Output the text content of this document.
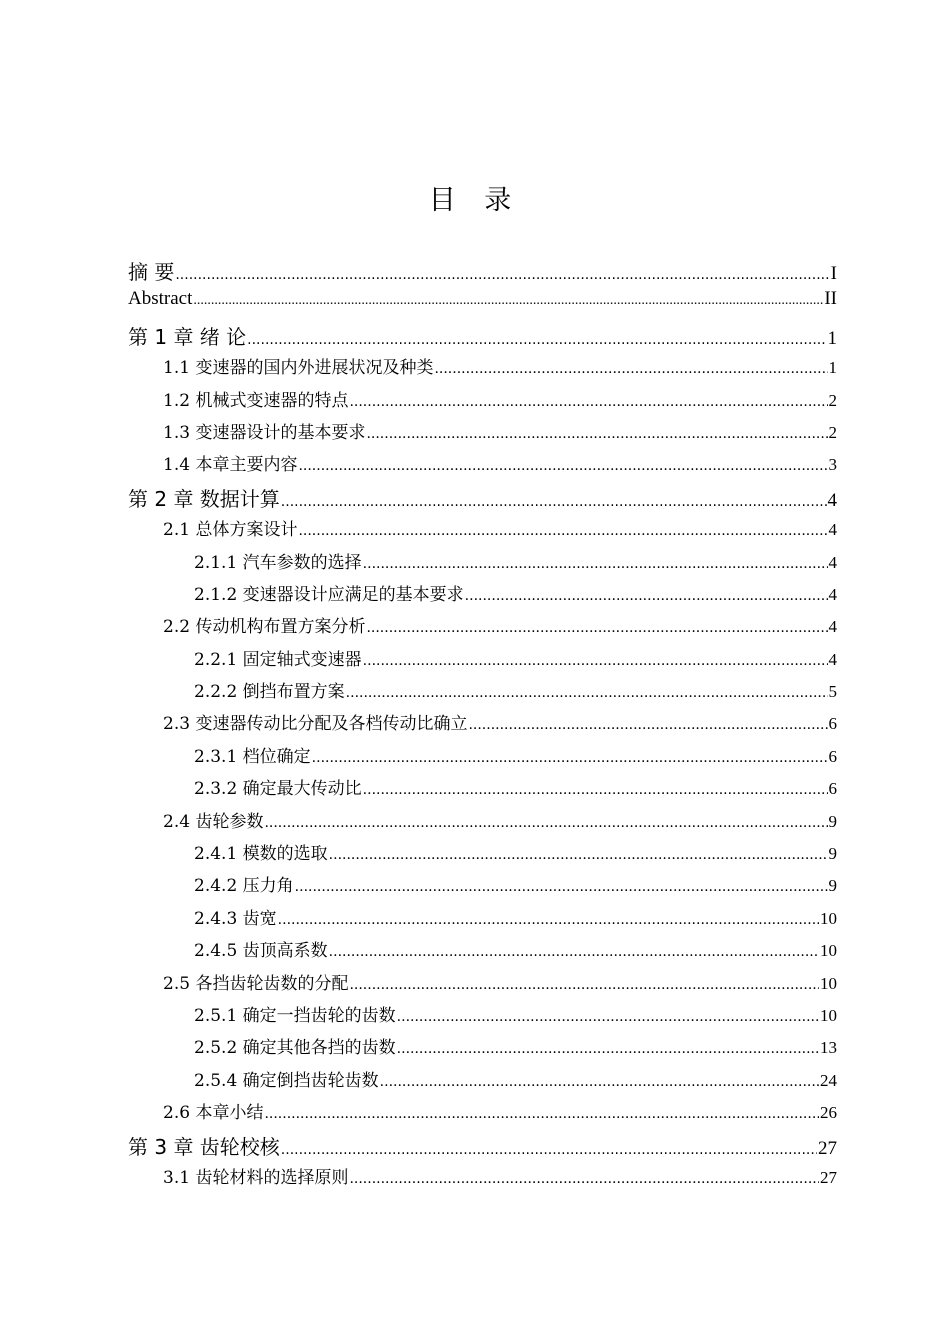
目 录
摘 要 .....	I
Abstract .....	II
第 1 章 绪 论 .....	1
1.1 变速器的国内外进展状况及种类 .....	1
1.2 机械式变速器的特点 .....	2
1.3 变速器设计的基本要求 .....	2
1.4 本章主要内容 .....	3
第 2 章 数据计算 .....	4
2.1 总体方案设计 .....	4
2.1.1 汽车参数的选择 .....	4
2.1.2 变速器设计应满足的基本要求 .....	4
2.2 传动机构布置方案分析 .....	4
2.2.1 固定轴式变速器 .....	4
2.2.2 倒挡布置方案 .....	5
2.3 变速器传动比分配及各档传动比确立 .....	6
2.3.1 档位确定 .....	6
2.3.2 确定最大传动比 .....	6
2.4 齿轮参数 .....	9
2.4.1 模数的选取 .....	9
2.4.2 压力角 .....	9
2.4.3 齿宽 .....	10
2.4.5 齿顶高系数 .....	10
2.5 各挡齿轮齿数的分配 .....	10
2.5.1 确定一挡齿轮的齿数 .....	10
2.5.2 确定其他各挡的齿数 .....	13
2.5.4 确定倒挡齿轮齿数 .....	24
2.6 本章小结 .....	26
第 3 章 齿轮校核 .....	27
3.1 齿轮材料的选择原则 .....	27
